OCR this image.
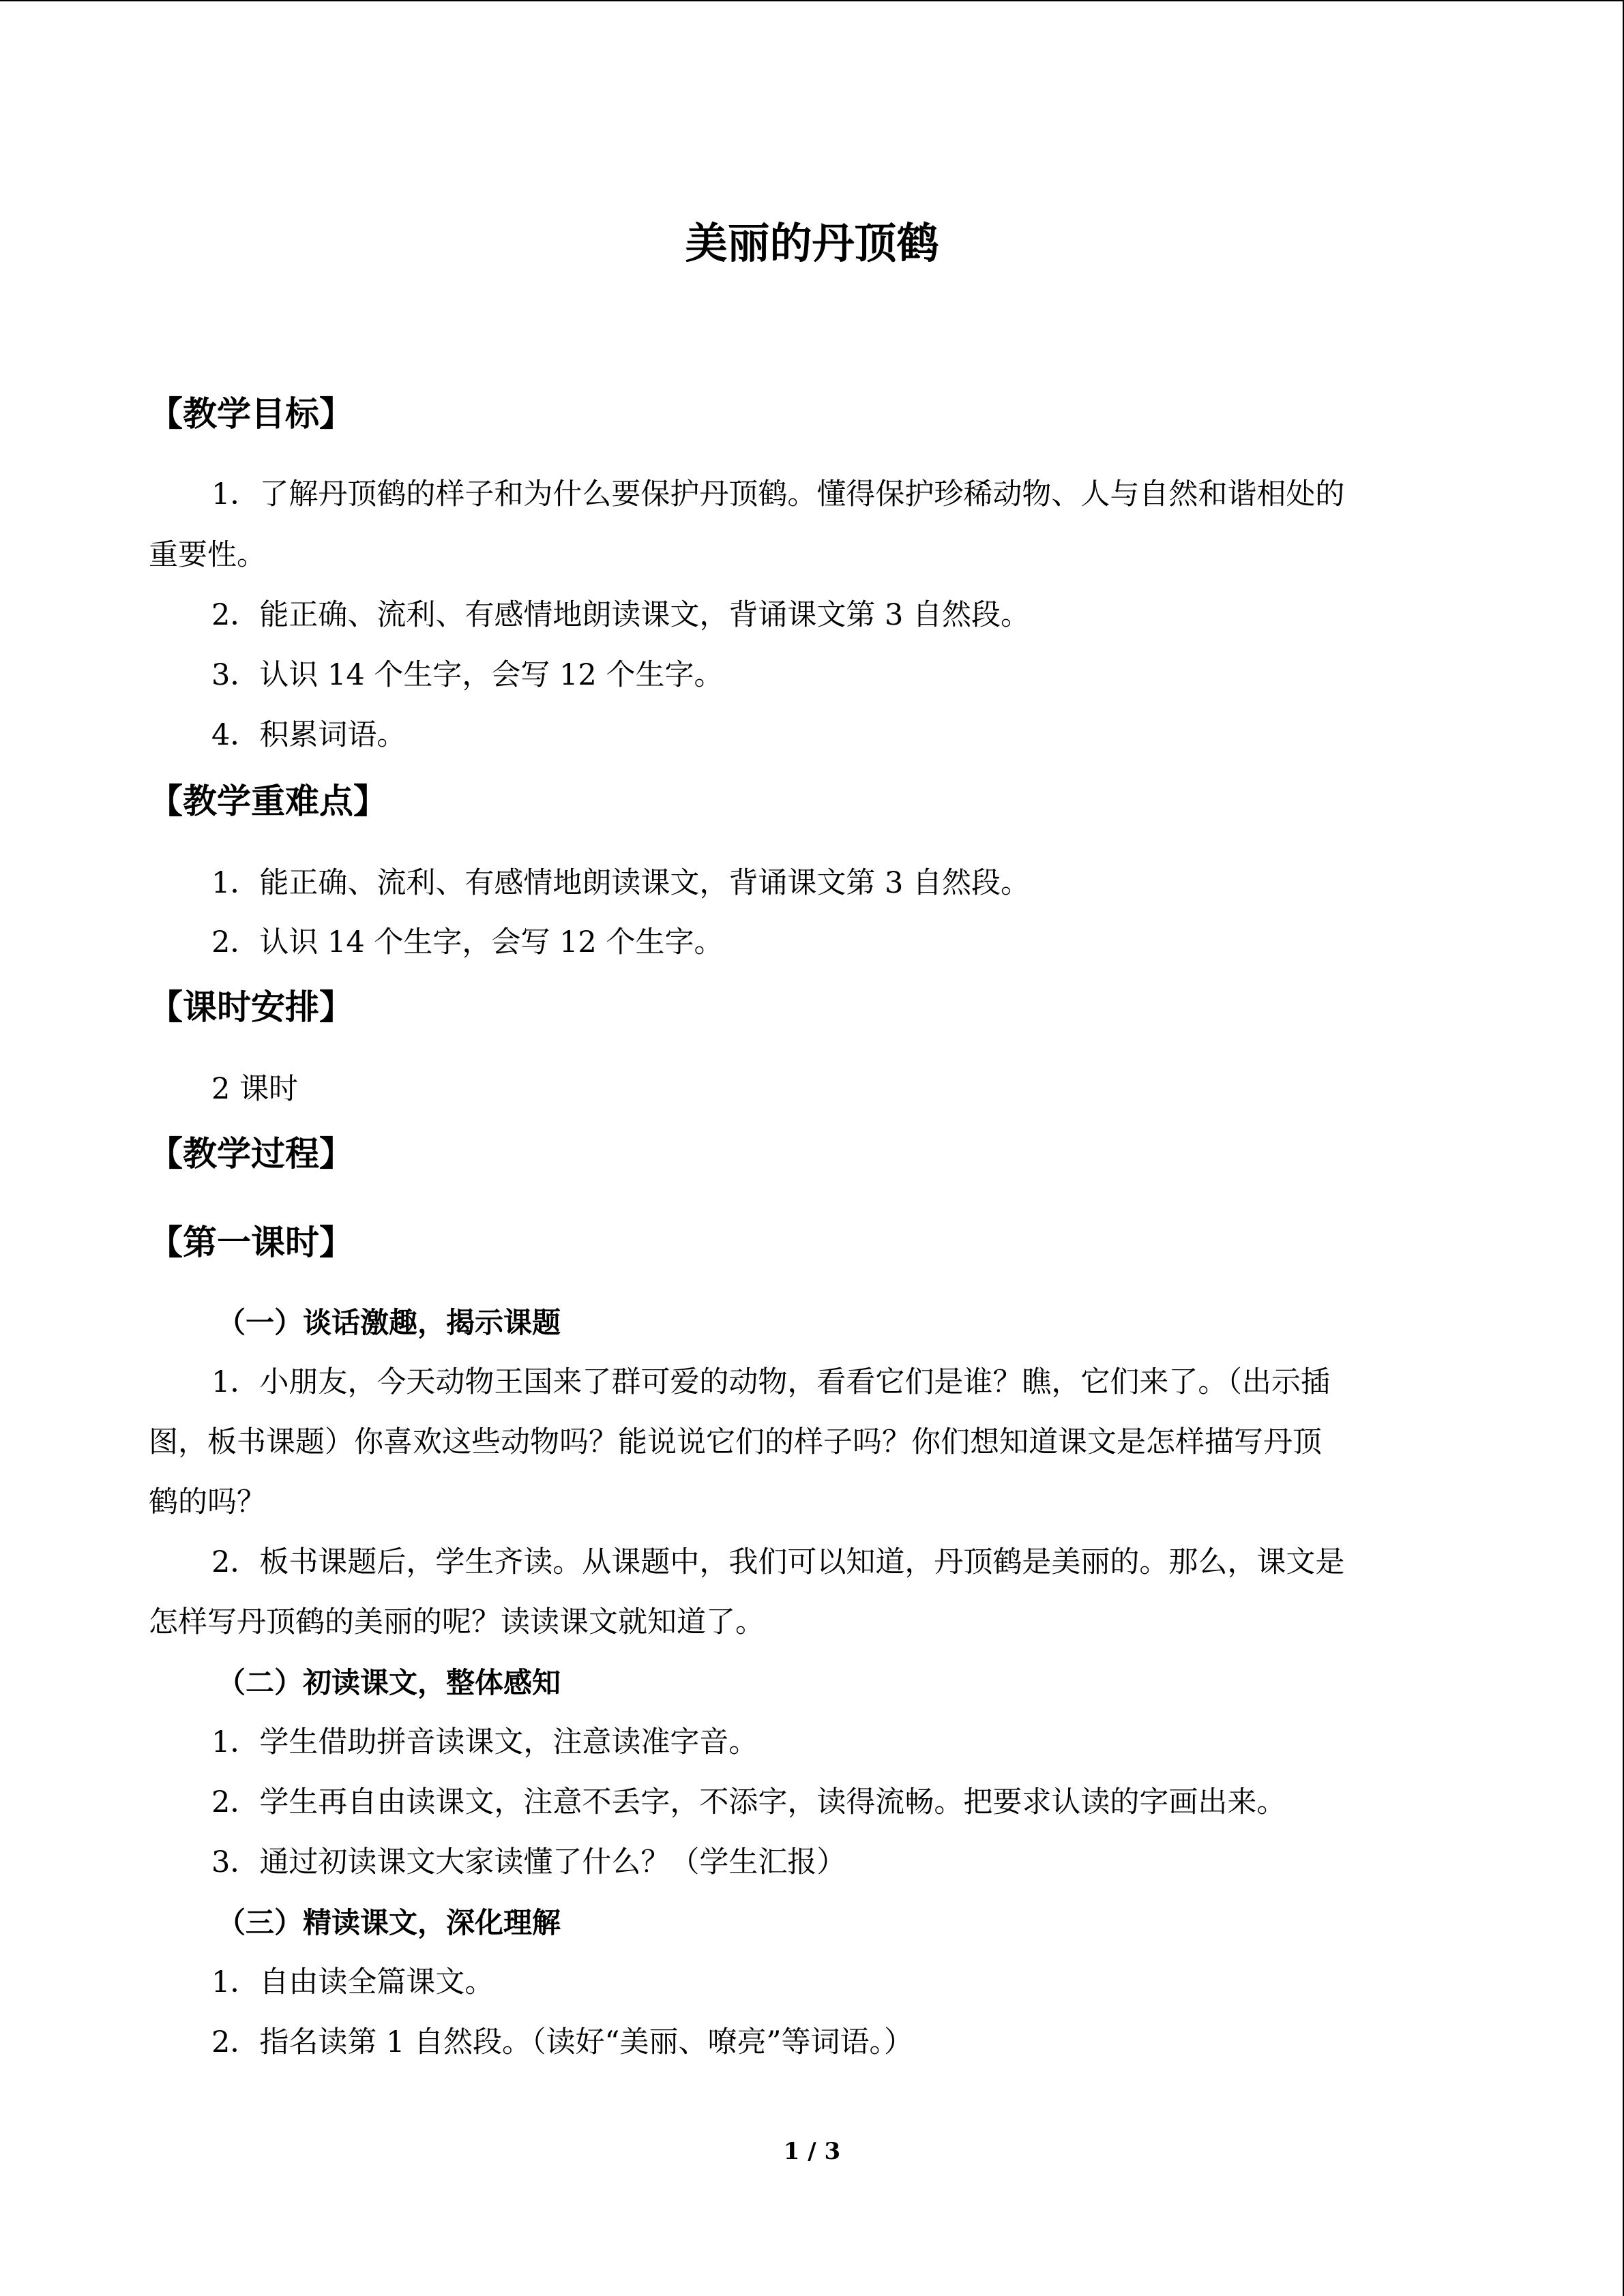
美丽的丹顶鹤
【教学目标】
1．了解丹顶鹤的样子和为什么要保护丹顶鹤。懂得保护珍稀动物、人与自然和谐相处的
重要性。
2．能正确、流利、有感情地朗读课文，背诵课文第 3 自然段。
3．认识 14 个生字，会写 12 个生字。
4．积累词语。
【教学重难点】
1．能正确、流利、有感情地朗读课文，背诵课文第 3 自然段。
2．认识 14 个生字，会写 12 个生字。
【课时安排】
2 课时
【教学过程】
【第一课时】
（一）谈话激趣，揭示课题
1．小朋友，今天动物王国来了群可爱的动物，看看它们是谁？瞧，它们来了。（出示插
图，板书课题）你喜欢这些动物吗？能说说它们的样子吗？你们想知道课文是怎样描写丹顶
鹤的吗？
2．板书课题后，学生齐读。从课题中，我们可以知道，丹顶鹤是美丽的。那么，课文是
怎样写丹顶鹤的美丽的呢？读读课文就知道了。
（二）初读课文，整体感知
1．学生借助拼音读课文，注意读准字音。
2．学生再自由读课文，注意不丢字，不添字，读得流畅。把要求认读的字画出来。
3．通过初读课文大家读懂了什么？（学生汇报）
（三）精读课文，深化理解
1．自由读全篇课文。
2．指名读第 1 自然段。（读好“美丽、嘹亮”等词语。）
1 / 3
